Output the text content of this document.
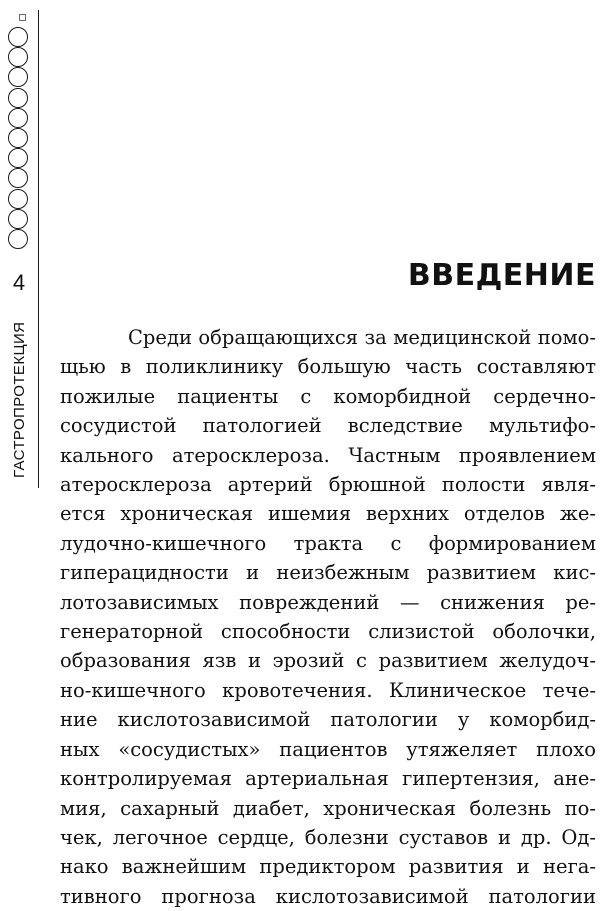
4
ГАСТРОПРОТЕКЦИЯ
ВВЕДЕНИЕ
Среди обращающихся за медицинской помо-
щью в поликлинику большую часть составляют
пожилые пациенты с коморбидной сердечно-
сосудистой патологией вследствие мультифо-
кального атеросклероза. Частным проявлением
атеросклероза артерий брюшной полости явля-
ется хроническая ишемия верхних отделов же-
лудочно-кишечного тракта с формированием
гиперацидности и неизбежным развитием кис-
лотозависимых повреждений — снижения ре-
генераторной способности слизистой оболочки,
образования язв и эрозий с развитием желудоч-
но-кишечного кровотечения. Клиническое тече-
ние кислотозависимой патологии у коморбид-
ных «сосудистых» пациентов утяжеляет плохо
контролируемая артериальная гипертензия, ане-
мия, сахарный диабет, хроническая болезнь по-
чек, легочное сердце, болезни суставов и др. Од-
нако важнейшим предиктором развития и нега-
тивного прогноза кислотозависимой патологии
